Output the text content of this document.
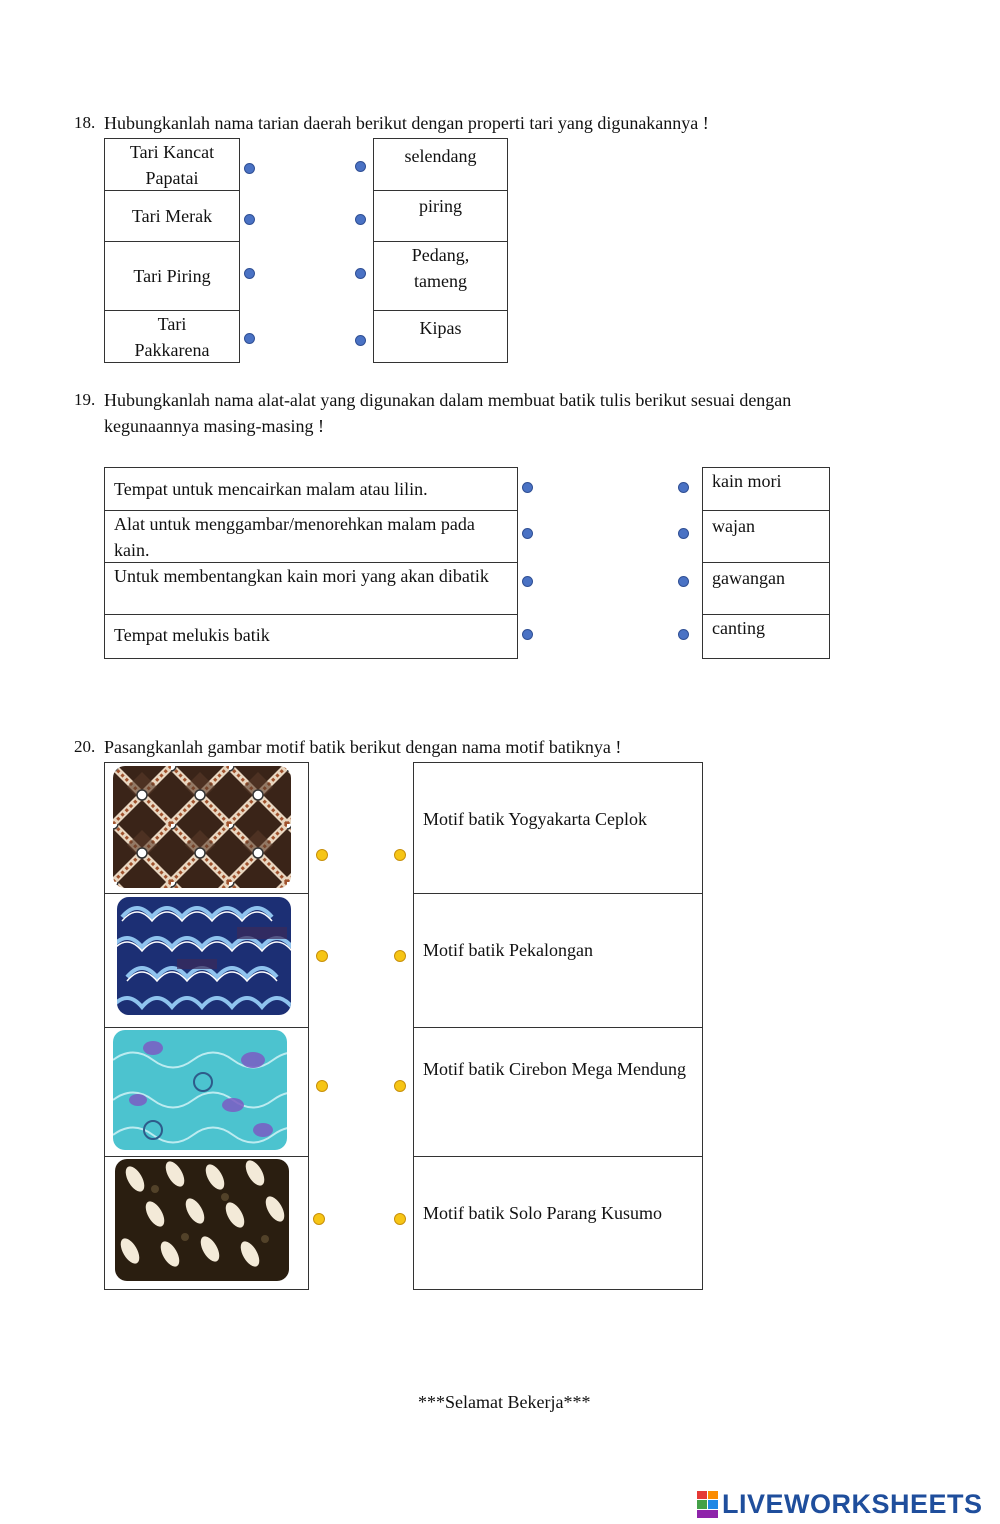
18. Hubungkanlah nama tarian daerah berikut dengan properti tari yang digunakannya !
Tari Kancat Papatai
Tari Merak
Tari Piring
Tari Pakkarena
selendang
piring
Pedang, tameng
Kipas
19. Hubungkanlah nama alat-alat yang digunakan dalam membuat batik tulis berikut sesuai dengan kegunaannya masing-masing !
Tempat untuk mencairkan malam atau lilin.
Alat untuk menggambar/menorehkan malam pada kain.
Untuk membentangkan kain mori yang akan dibatik
Tempat melukis batik
kain mori
wajan
gawangan
canting
20. Pasangkanlah gambar motif batik berikut dengan nama motif batiknya !
Motif batik Yogyakarta Ceplok
Motif batik Pekalongan
Motif batik Cirebon Mega Mendung
Motif batik Solo Parang Kusumo
***Selamat Bekerja***
LIVEWORKSHEETS
